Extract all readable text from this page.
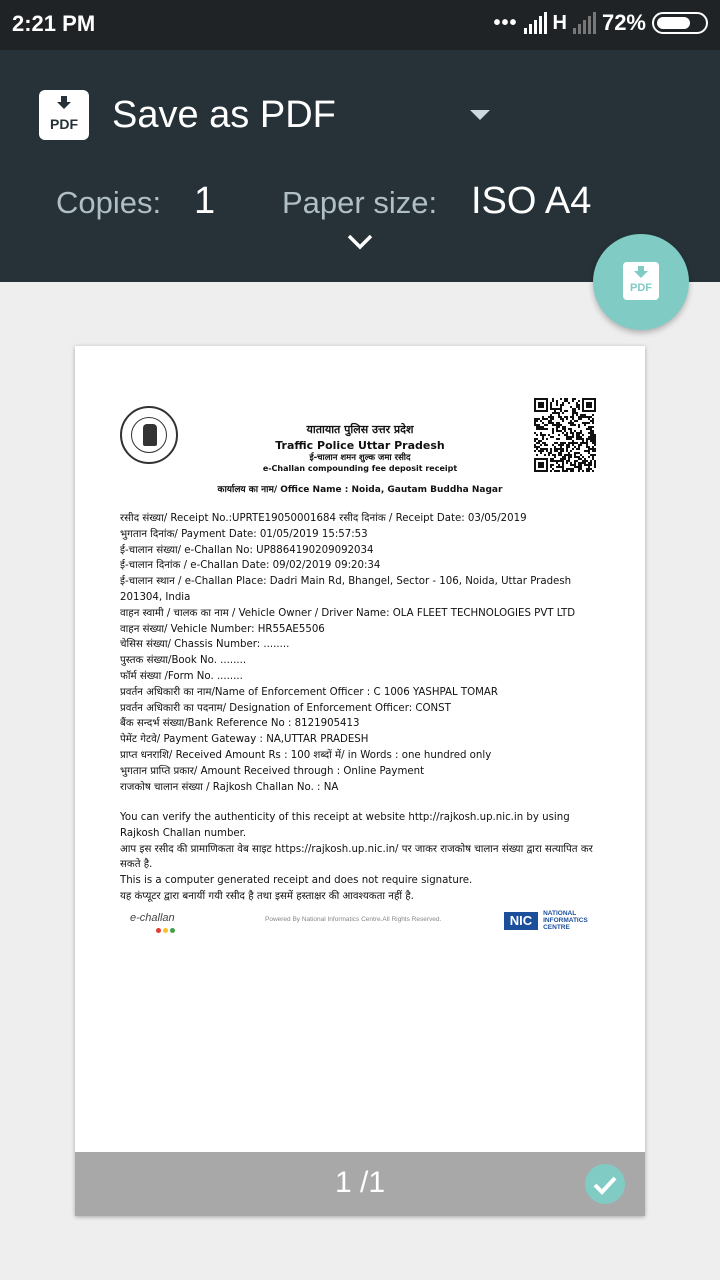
2:21 PM	••• H 72%
PDF Save as PDF
Copies: 1 Paper size: ISO A4
PDF
यातायात पुलिस उत्तर प्रदेश
Traffic Police Uttar Pradesh
ई-चालान शमन शुल्क जमा रसीद
e-Challan compounding fee deposit receipt
कार्यालय का नाम/ Office Name : Noida, Gautam Buddha Nagar
रसीद संख्या/ Receipt No.:UPRTE19050001684 रसीद दिनांक / Receipt Date: 03/05/2019
भुगतान दिनांक/ Payment Date: 01/05/2019 15:57:53
ई-चालान संख्या/ e-Challan No: UP8864190209092034
ई-चालान दिनांक / e-Challan Date: 09/02/2019 09:20:34
ई-चालान स्थान / e-Challan Place: Dadri Main Rd, Bhangel, Sector - 106, Noida, Uttar Pradesh
201304, India
वाहन स्वामी / चालक का नाम / Vehicle Owner / Driver Name: OLA FLEET TECHNOLOGIES PVT LTD
वाहन संख्या/ Vehicle Number: HR55AE5506
चेसिस संख्या/ Chassis Number: ........
पुस्तक संख्या/Book No. ........
फॉर्म संख्या /Form No. ........
प्रवर्तन अधिकारी का नाम/Name of Enforcement Officer : C 1006 YASHPAL TOMAR
प्रवर्तन अधिकारी का पदनाम/ Designation of Enforcement Officer: CONST
बैंक सन्दर्भ संख्या/Bank Reference No : 8121905413
पेमेंट गेटवे/ Payment Gateway : NA,UTTAR PRADESH
प्राप्त धनराशि/ Received Amount Rs : 100 शब्दों में/ in Words : one hundred only
भुगतान प्राप्ति प्रकार/ Amount Received through : Online Payment
राजकोष चालान संख्या / Rajkosh Challan No. : NA
You can verify the authenticity of this receipt at website http://rajkosh.up.nic.in by using Rajkosh Challan number.
आप इस रसीद की प्रामाणिकता वेब साइट https://rajkosh.up.nic.in/ पर जाकर राजकोष चालान संख्या द्वारा सत्यापित कर सकते है.
This is a computer generated receipt and does not require signature.
यह कंप्यूटर द्वारा बनायीं गयी रसीद है तथा इसमें हस्ताक्षर की आवश्यकता नहीं है.
e-challan	Powered By National Informatics Centre.All Rights Reserved.	NIC NATIONAL
INFORMATICS
CENTRE
1 /1
